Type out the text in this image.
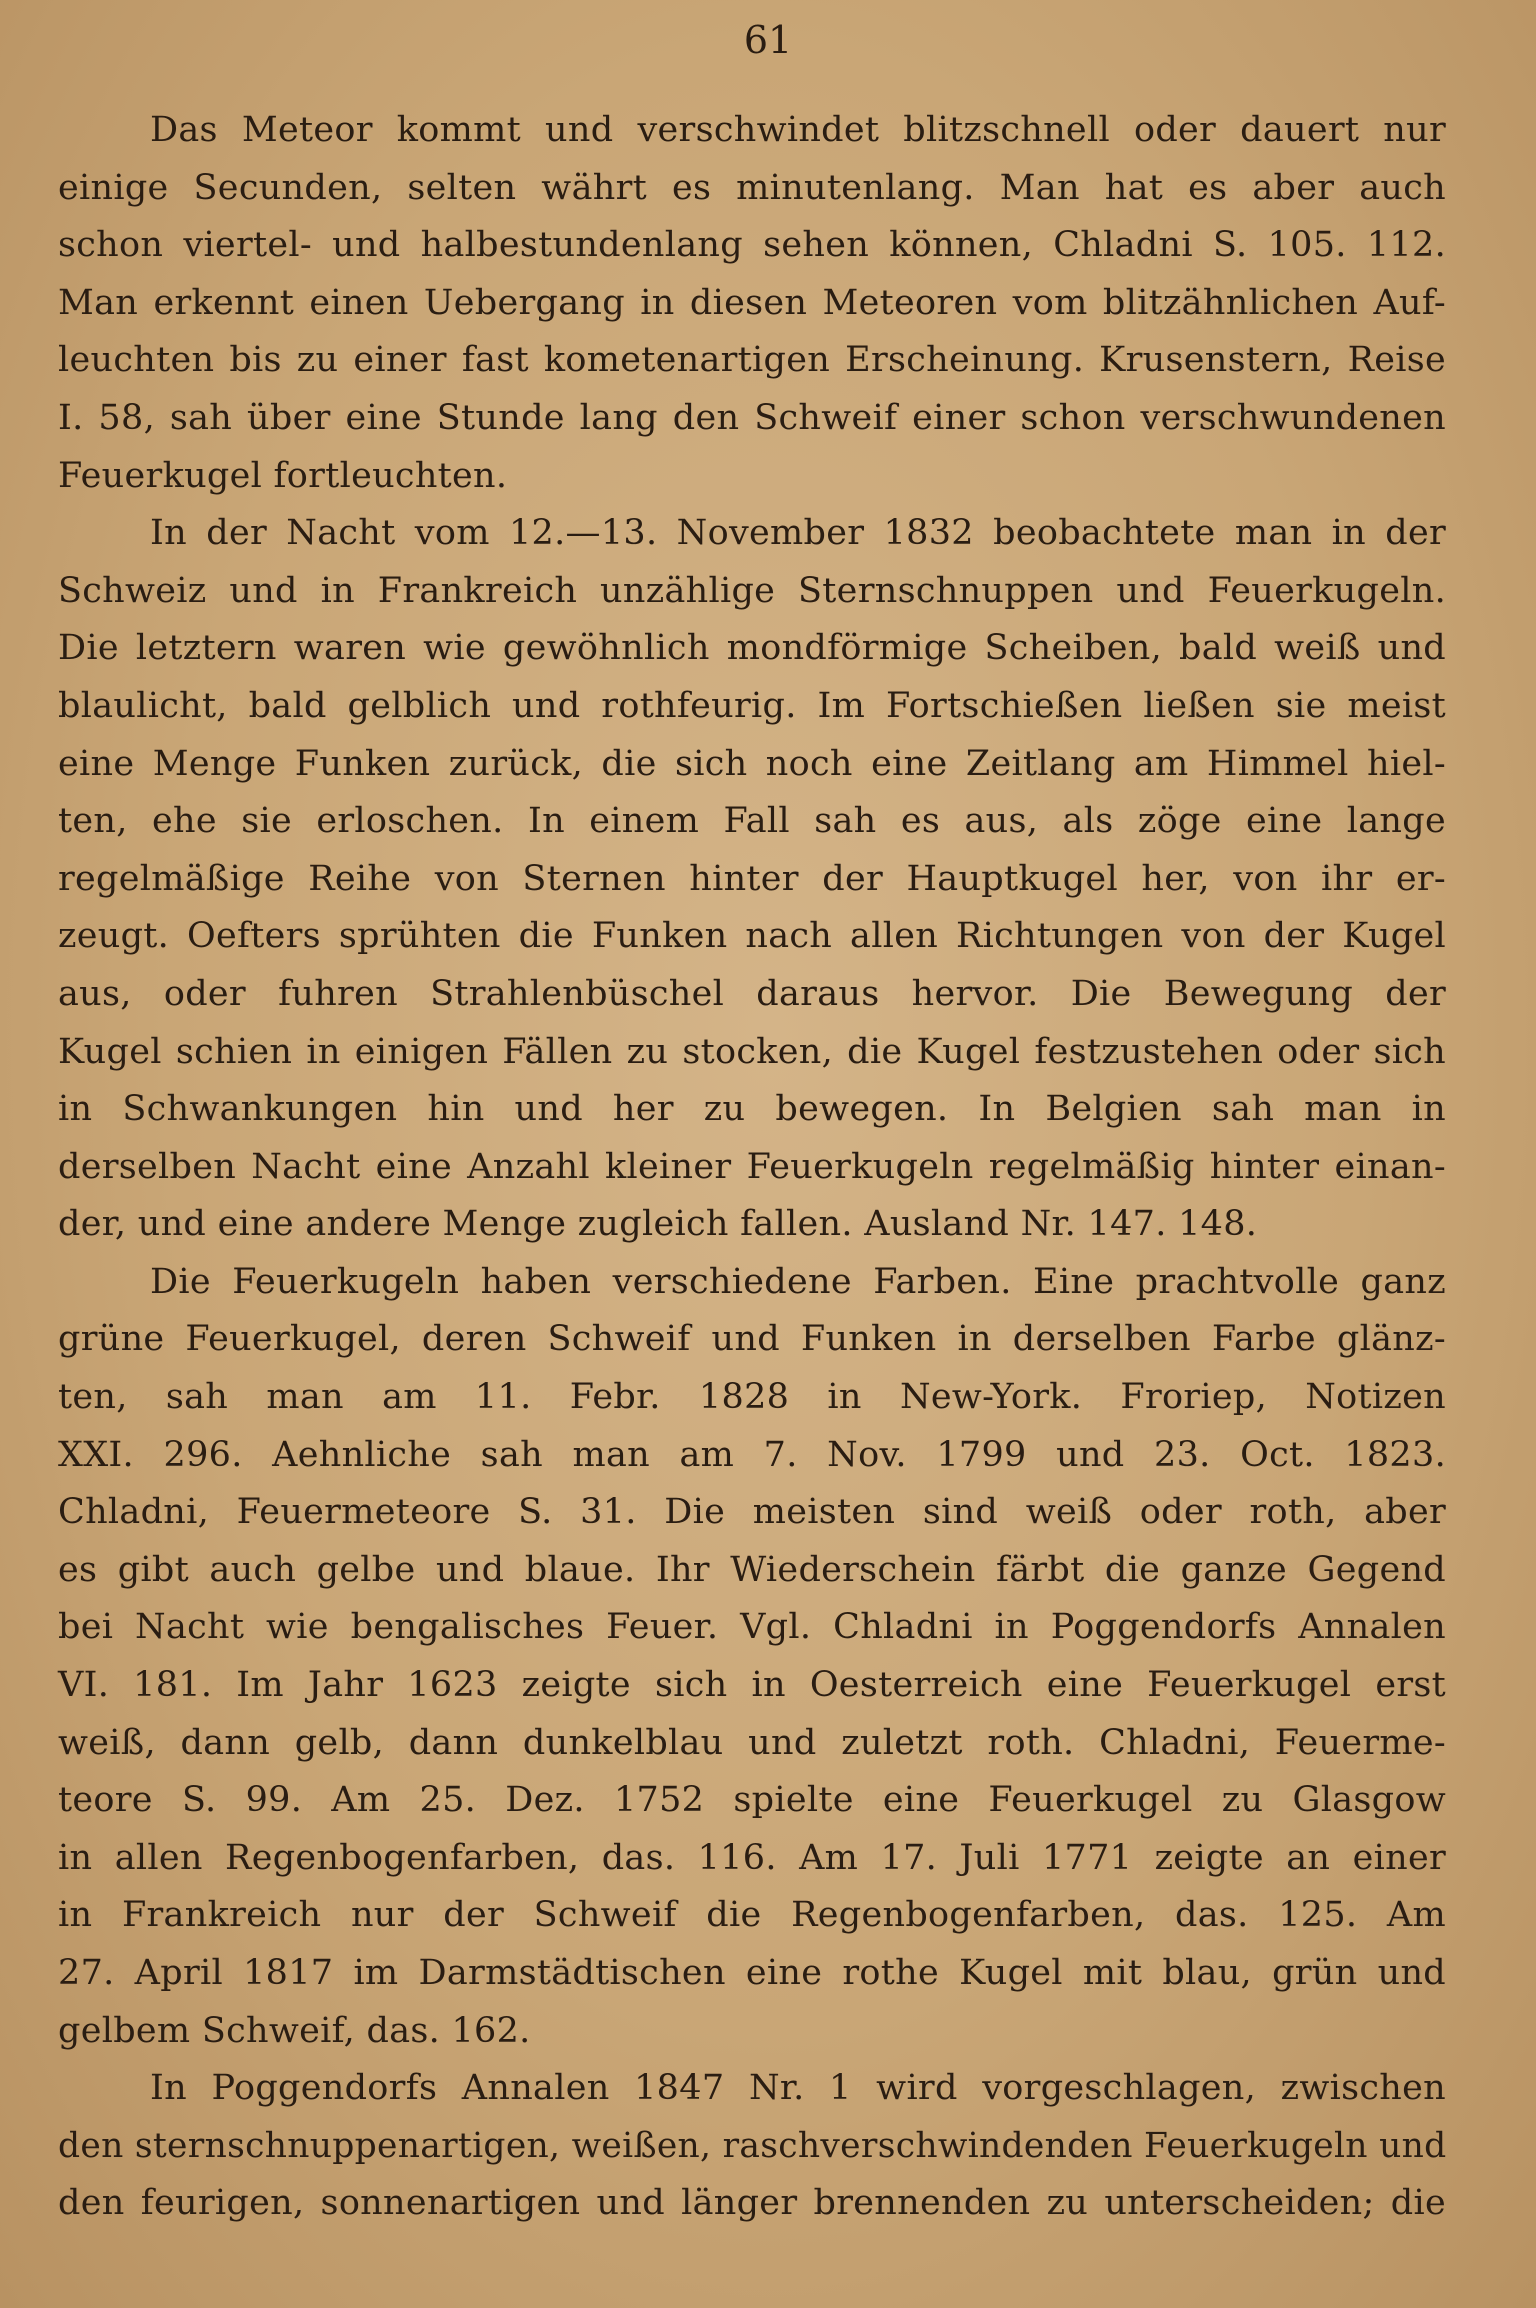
61
Das Meteor kommt und verschwindet blitzschnell oder dauert nur
einige Secunden, selten währt es minutenlang. Man hat es aber auch
schon viertel- und halbestundenlang sehen können, Chladni S. 105. 112.
Man erkennt einen Uebergang in diesen Meteoren vom blitzähnlichen Auf-
leuchten bis zu einer fast kometenartigen Erscheinung. Krusenstern, Reise
I. 58, sah über eine Stunde lang den Schweif einer schon verschwundenen
Feuerkugel fortleuchten.
In der Nacht vom 12.—13. November 1832 beobachtete man in der
Schweiz und in Frankreich unzählige Sternschnuppen und Feuerkugeln.
Die letztern waren wie gewöhnlich mondförmige Scheiben, bald weiß und
blaulicht, bald gelblich und rothfeurig. Im Fortschießen ließen sie meist
eine Menge Funken zurück, die sich noch eine Zeitlang am Himmel hiel-
ten, ehe sie erloschen. In einem Fall sah es aus, als zöge eine lange
regelmäßige Reihe von Sternen hinter der Hauptkugel her, von ihr er-
zeugt. Oefters sprühten die Funken nach allen Richtungen von der Kugel
aus, oder fuhren Strahlenbüschel daraus hervor. Die Bewegung der
Kugel schien in einigen Fällen zu stocken, die Kugel festzustehen oder sich
in Schwankungen hin und her zu bewegen. In Belgien sah man in
derselben Nacht eine Anzahl kleiner Feuerkugeln regelmäßig hinter einan-
der, und eine andere Menge zugleich fallen. Ausland Nr. 147. 148.
Die Feuerkugeln haben verschiedene Farben. Eine prachtvolle ganz
grüne Feuerkugel, deren Schweif und Funken in derselben Farbe glänz-
ten, sah man am 11. Febr. 1828 in New-York. Froriep, Notizen
XXI. 296. Aehnliche sah man am 7. Nov. 1799 und 23. Oct. 1823.
Chladni, Feuermeteore S. 31. Die meisten sind weiß oder roth, aber
es gibt auch gelbe und blaue. Ihr Wiederschein färbt die ganze Gegend
bei Nacht wie bengalisches Feuer. Vgl. Chladni in Poggendorfs Annalen
VI. 181. Im Jahr 1623 zeigte sich in Oesterreich eine Feuerkugel erst
weiß, dann gelb, dann dunkelblau und zuletzt roth. Chladni, Feuerme-
teore S. 99. Am 25. Dez. 1752 spielte eine Feuerkugel zu Glasgow
in allen Regenbogenfarben, das. 116. Am 17. Juli 1771 zeigte an einer
in Frankreich nur der Schweif die Regenbogenfarben, das. 125. Am
27. April 1817 im Darmstädtischen eine rothe Kugel mit blau, grün und
gelbem Schweif, das. 162.
In Poggendorfs Annalen 1847 Nr. 1 wird vorgeschlagen, zwischen
den sternschnuppenartigen, weißen, raschverschwindenden Feuerkugeln und
den feurigen, sonnenartigen und länger brennenden zu unterscheiden; die
